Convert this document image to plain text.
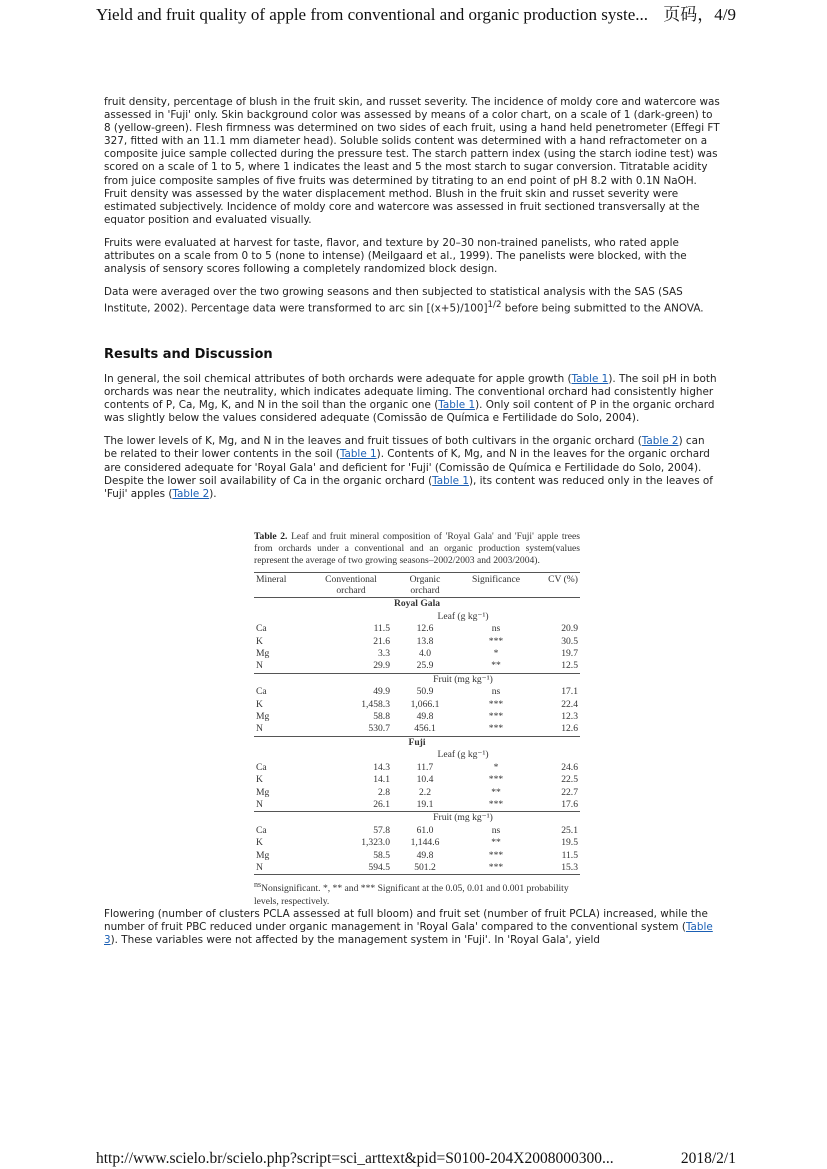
Yield and fruit quality of apple from conventional and organic production syste... 页码，4/9

fruit density, percentage of blush in the fruit skin, and russet severity. The incidence of moldy core and watercore was assessed in 'Fuji' only. Skin background color was assessed by means of a color chart, on a scale of 1 (dark-green) to 8 (yellow-green). Flesh firmness was determined on two sides of each fruit, using a hand held penetrometer (Effegi FT 327, fitted with an 11.1 mm diameter head). Soluble solids content was determined with a hand refractometer on a composite juice sample collected during the pressure test. The starch pattern index (using the starch iodine test) was scored on a scale of 1 to 5, where 1 indicates the least and 5 the most starch to sugar conversion. Titratable acidity from juice composite samples of five fruits was determined by titrating to an end point of pH 8.2 with 0.1N NaOH. Fruit density was assessed by the water displacement method. Blush in the fruit skin and russet severity were estimated subjectively. Incidence of moldy core and watercore was assessed in fruit sectioned transversally at the equator position and evaluated visually.

Fruits were evaluated at harvest for taste, flavor, and texture by 20–30 non-trained panelists, who rated apple attributes on a scale from 0 to 5 (none to intense) (Meilgaard et al., 1999). The panelists were blocked, with the analysis of sensory scores following a completely randomized block design.

Data were averaged over the two growing seasons and then subjected to statistical analysis with the SAS (SAS Institute, 2002). Percentage data were transformed to arc $\sin [(x+5)/100]^{1/2}$ before being submitted to the ANOVA.

Results and Discussion

In general, the soil chemical attributes of both orchards were adequate for apple growth (Table 1). The soil pH in both orchards was near the neutrality, which indicates adequate liming. The conventional orchard had consistently higher contents of P, Ca, Mg, K, and N in the soil than the organic one (Table 1). Only soil content of P in the organic orchard was slightly below the values considered adequate (Comissão de Química e Fertilidade do Solo, 2004).

The lower levels of K, Mg, and N in the leaves and fruit tissues of both cultivars in the organic orchard (Table 2) can be related to their lower contents in the soil (Table 1). Contents of K, Mg, and N in the leaves for the organic orchard are considered adequate for 'Royal Gala' and deficient for 'Fuji' (Comissão de Química e Fertilidade do Solo, 2004). Despite the lower soil availability of Ca in the organic orchard (Table 1), its content was reduced only in the leaves of 'Fuji' apples (Table 2).

Table 2. Leaf and fruit mineral composition of 'Royal Gala' and 'Fuji' apple trees from orchards under a conventional and an organic production system(values represent the average of two growing seasons–2002/2003 and 2003/2004).
Mineral	Conventional orchard	Organic orchard	Significance	CV (%)
Royal Gala				
		Leaf (g kg⁻¹)		
Ca	11.5	12.6	ns	20.9
K	21.6	13.8	***	30.5
Mg	3.3	4.0	*	19.7
N	29.9	25.9	**	12.5
		Fruit (mg kg⁻¹)		
Ca	49.9	50.9	ns	17.1
K	1,458.3	1,066.1	***	22.4
Mg	58.8	49.8	***	12.3
N	530.7	456.1	***	12.6
Fuji				
		Leaf (g kg⁻¹)		
Ca	14.3	11.7	*	24.6
K	14.1	10.4	***	22.5
Mg	2.8	2.2	**	22.7
N	26.1	19.1	***	17.6
		Fruit (mg kg⁻¹)		
Ca	57.8	61.0	ns	25.1
K	1,323.0	1,144.6	**	19.5
Mg	58.5	49.8	***	11.5
N	594.5	501.2	***	15.3
$^{ns}$Nonsignificant. *, ** and *** Significant at the 0.05, 0.01 and 0.001 probability levels, respectively.

Flowering (number of clusters PCLA assessed at full bloom) and fruit set (number of fruit PCLA) increased, while the number of fruit PBC reduced under organic management in 'Royal Gala' compared to the conventional system (Table 3). These variables were not affected by the management system in 'Fuji'. In 'Royal Gala', yield

http://www.scielo.br/scielo.php?script=sci_arttext&pid=S0100-204X2008000300...	2018/2/1
